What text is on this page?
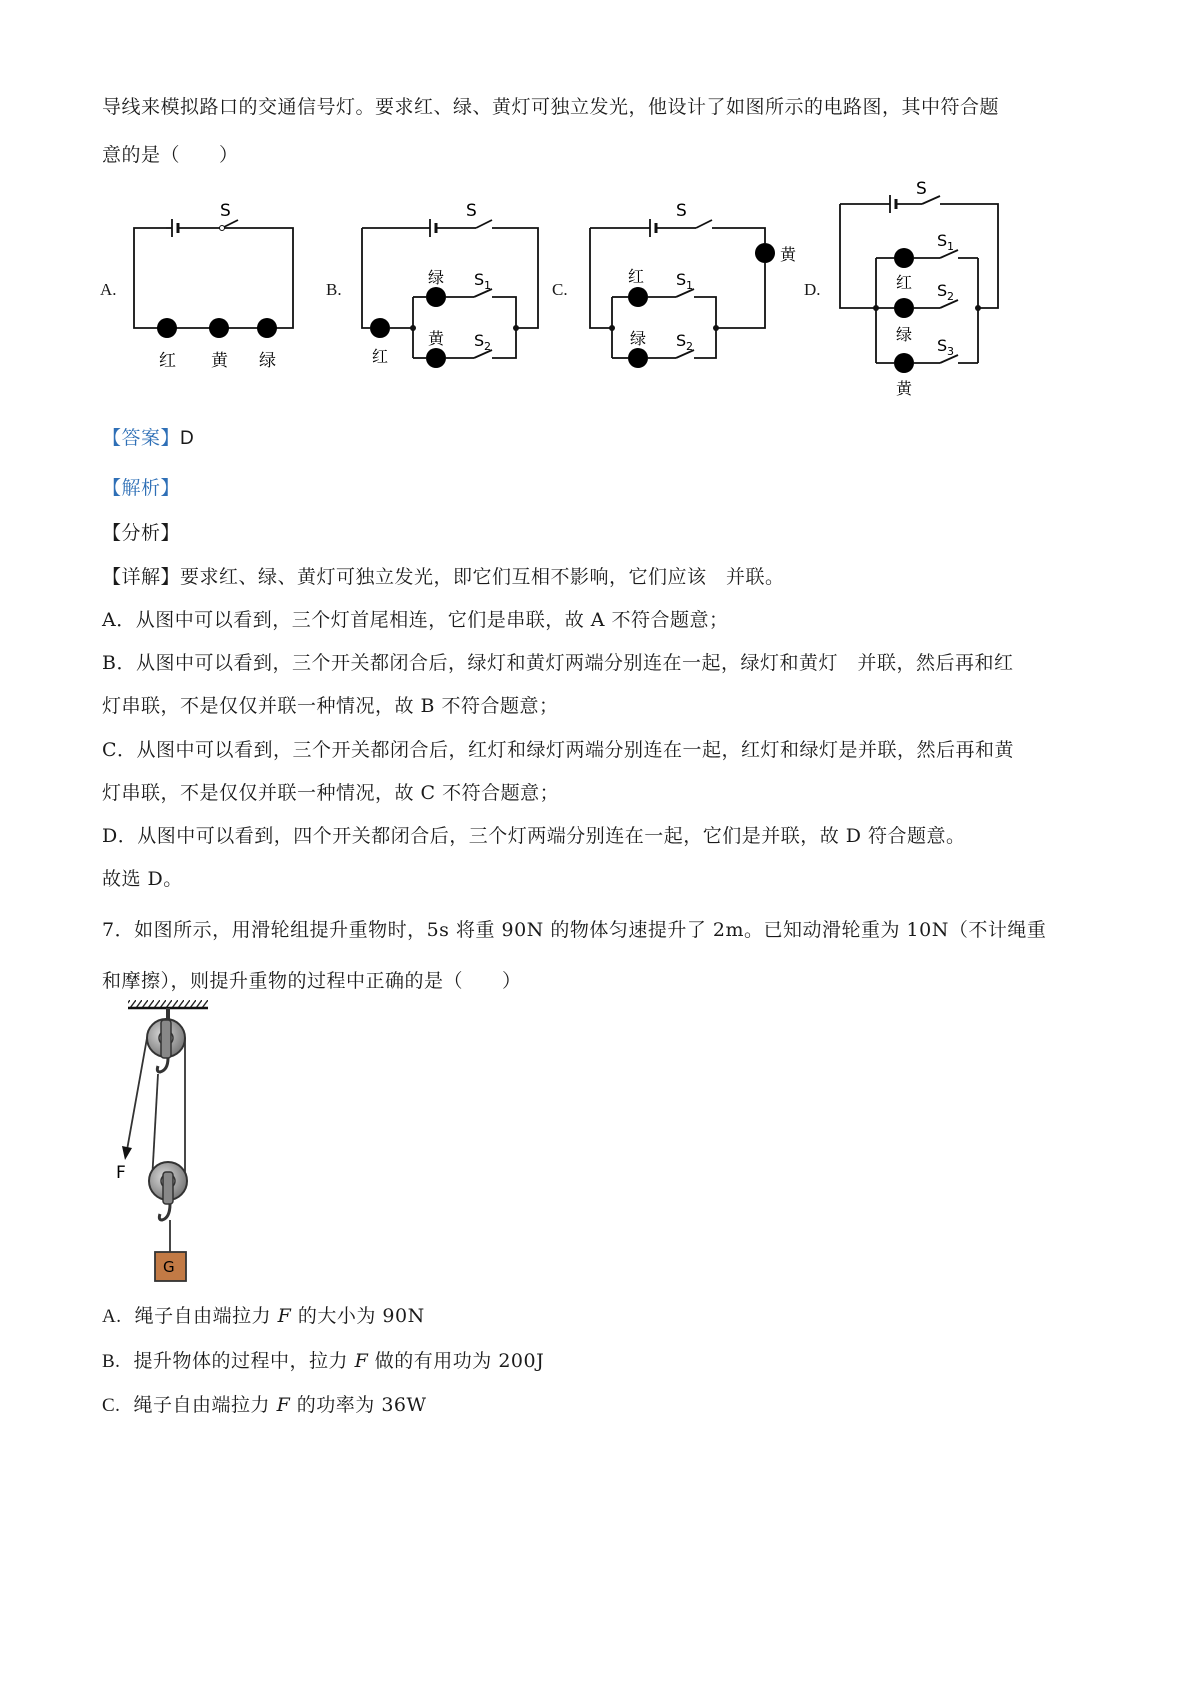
导线来模拟路口的交通信号灯。要求红、绿、黄灯可独立发光，他设计了如图所示的电路图，其中符合题
意的是（　　）
A.	B.	C.	D.
S
红 黄 绿
S
绿 S 1
黄 S 2
红
S
黄
红 S 1
绿 S 2
S
S 1
红 S 2
绿
S 3
黄
【答案】D
【解析】
【分析】
【详解】要求红、绿、黄灯可独立发光，即它们互相不影响，它们应该　并联。
A．从图中可以看到，三个灯首尾相连，它们是串联，故 A 不符合题意；
B．从图中可以看到，三个开关都闭合后，绿灯和黄灯两端分别连在一起，绿灯和黄灯　并联，然后再和红
灯串联，不是仅仅并联一种情况，故 B 不符合题意；
C．从图中可以看到，三个开关都闭合后，红灯和绿灯两端分别连在一起，红灯和绿灯是并联，然后再和黄
灯串联，不是仅仅并联一种情况，故 C 不符合题意；
D．从图中可以看到，四个开关都闭合后，三个灯两端分别连在一起，它们是并联，故 D 符合题意。
故选 D。
7．如图所示，用滑轮组提升重物时，5s 将重 90N 的物体匀速提升了 2m。已知动滑轮重为 10N（不计绳重
和摩擦），则提升重物的过程中正确的是（　　）
F
G
A. 绳子自由端拉力 F 的大小为 90N
B. 提升物体的过程中，拉力 F 做的有用功为 200J
C. 绳子自由端拉力 F 的功率为 36W
